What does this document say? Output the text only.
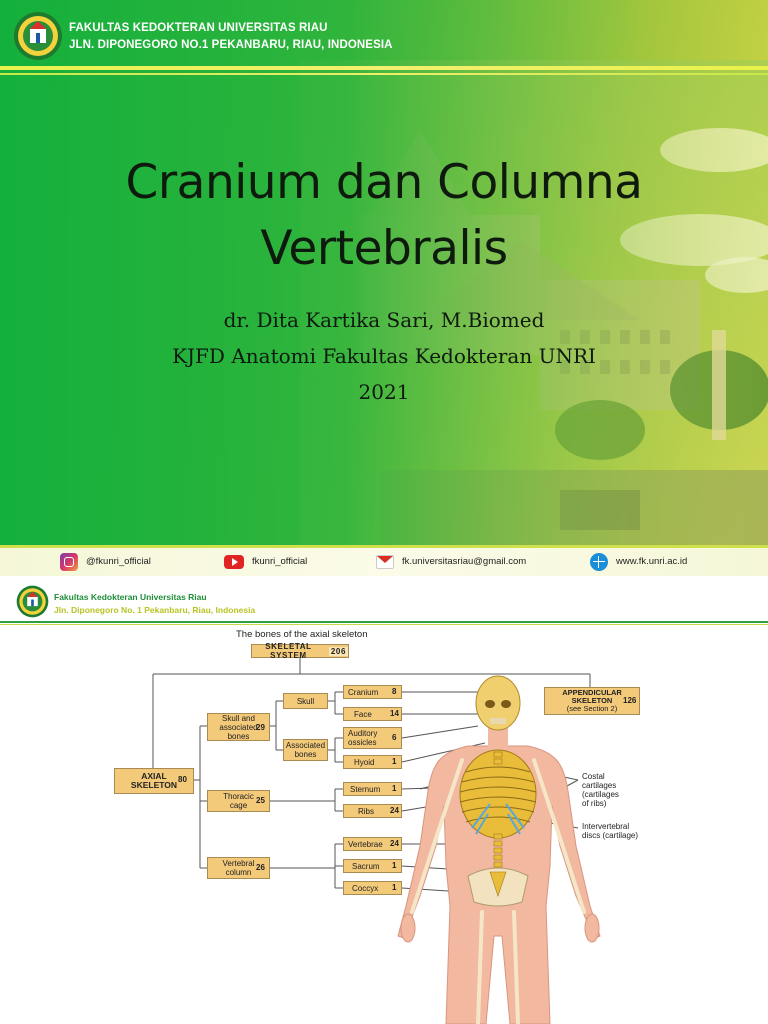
FAKULTAS KEDOKTERAN UNIVERSITAS RIAU
JLN. DIPONEGORO NO.1 PEKANBARU, RIAU, INDONESIA
Cranium dan Columna
Vertebralis
dr. Dita Kartika Sari, M.Biomed
KJFD Anatomi Fakultas Kedokteran UNRI
2021
@fkunri_official	fkunri_official	fk.universitasriau@gmail.com	www.fk.unri.ac.id
Fakultas Kedokteran Universitas Riau
Jln. Diponegoro No. 1 Pekanbaru, Riau, Indonesia
The bones of the axial skeleton
SKELETAL SYSTEM	206
APPENDICULAR
SKELETON
(see Section 2)
126
AXIAL
SKELETON
80
Skull and
associated
bones
29
Thoracic
cage
25
Vertebral
column
26
Skull
Associated
bones
Cranium 8
Face 14
Auditory
ossicles
6
Hyoid 1
Sternum 1
Ribs 24
Vertebrae 24
Sacrum 1
Coccyx 1
Costal
cartilages
(cartilages
of ribs)
Intervertebral
discs (cartilage)
